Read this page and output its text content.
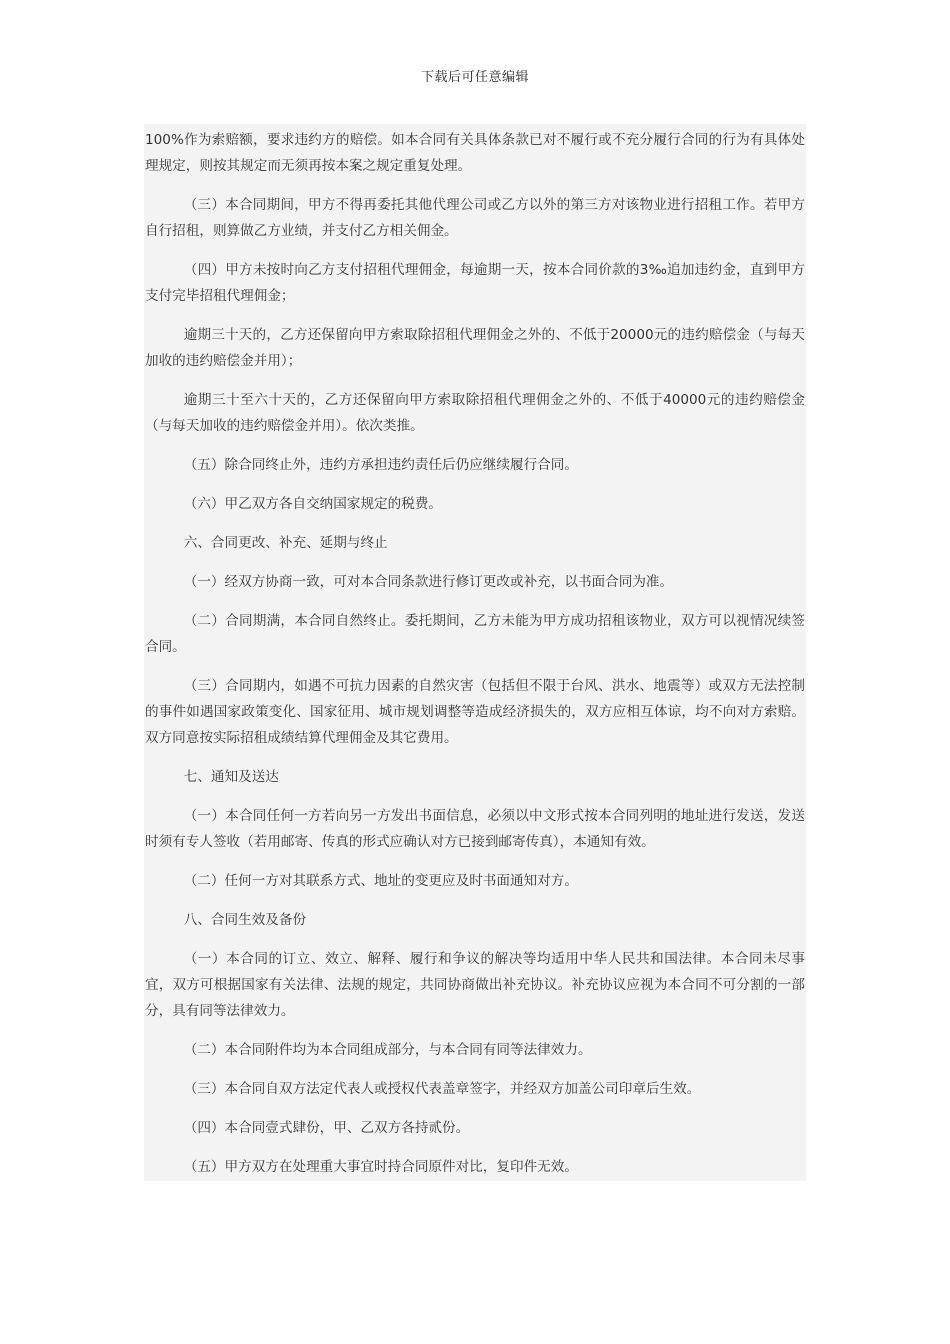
下载后可任意编辑

100%作为索赔额，要求违约方的赔偿。如本合同有关具体条款已对不履行或不充分履行合同的行为有具体处理规定，则按其规定而无须再按本案之规定重复处理。

（三）本合同期间，甲方不得再委托其他代理公司或乙方以外的第三方对该物业进行招租工作。若甲方自行招租，则算做乙方业绩，并支付乙方相关佣金。

（四）甲方未按时向乙方支付招租代理佣金，每逾期一天，按本合同价款的3‰追加违约金，直到甲方支付完毕招租代理佣金；

逾期三十天的，乙方还保留向甲方索取除招租代理佣金之外的、不低于20000元的违约赔偿金（与每天加收的违约赔偿金并用）；

逾期三十至六十天的，乙方还保留向甲方索取除招租代理佣金之外的、不低于40000元的违约赔偿金（与每天加收的违约赔偿金并用）。依次类推。

（五）除合同终止外，违约方承担违约责任后仍应继续履行合同。

（六）甲乙双方各自交纳国家规定的税费。

六、合同更改、补充、延期与终止

（一）经双方协商一致，可对本合同条款进行修订更改或补充，以书面合同为准。

（二）合同期满，本合同自然终止。委托期间，乙方未能为甲方成功招租该物业，双方可以视情况续签合同。

（三）合同期内，如遇不可抗力因素的自然灾害（包括但不限于台风、洪水、地震等）或双方无法控制的事件如遇国家政策变化、国家征用、城市规划调整等造成经济损失的，双方应相互体谅，均不向对方索赔。双方同意按实际招租成绩结算代理佣金及其它费用。

七、通知及送达

（一）本合同任何一方若向另一方发出书面信息，必须以中文形式按本合同列明的地址进行发送，发送时须有专人签收（若用邮寄、传真的形式应确认对方已接到邮寄传真），本通知有效。

（二）任何一方对其联系方式、地址的变更应及时书面通知对方。

八、合同生效及备份

（一）本合同的订立、效立、解释、履行和争议的解决等均适用中华人民共和国法律。本合同未尽事宜，双方可根据国家有关法律、法规的规定，共同协商做出补充协议。补充协议应视为本合同不可分割的一部分，具有同等法律效力。

（二）本合同附件均为本合同组成部分，与本合同有同等法律效力。

（三）本合同自双方法定代表人或授权代表盖章签字，并经双方加盖公司印章后生效。

（四）本合同壹式肆份，甲、乙双方各持贰份。

（五）甲方双方在处理重大事宜时持合同原件对比，复印件无效。
